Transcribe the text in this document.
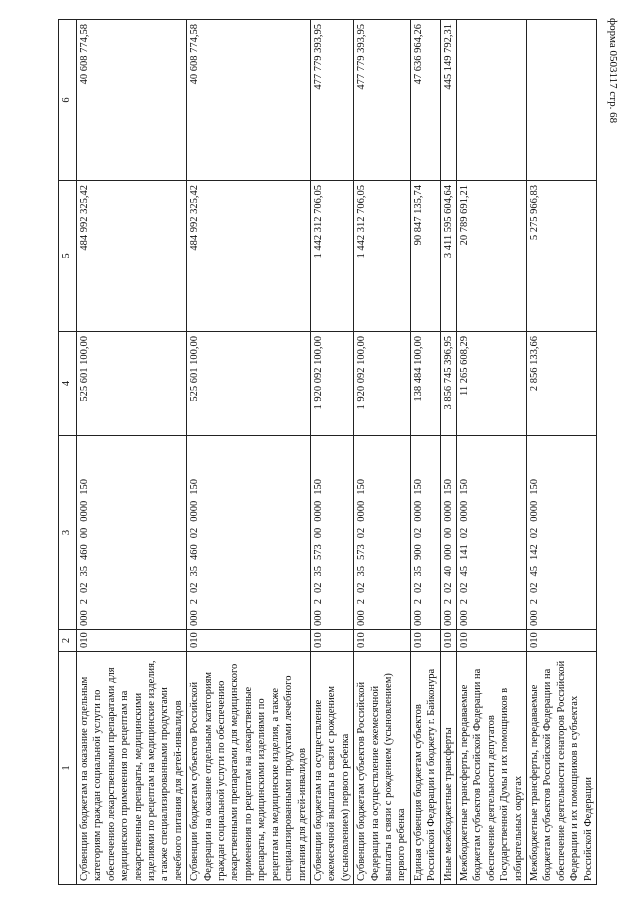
форма 0503117 стр. 68
1	2	3	4	5	6
Субвенции бюджетам на оказание отдельным категориям граждан социальной услуги по обеспечению лекарственными препаратами для медицинского применения по рецептам на лекарственные препараты, медицинскими изделиями по рецептам на медицинские изделия, а также специализированными продуктами лечебного питания для детей-инвалидов	010	00020235460000000150	525 601 100,00	484 992 325,42	40 608 774,58
Субвенции бюджетам субъектов Российской Федерации на оказание отдельным категориям граждан социальной услуги по обеспечению лекарственными препаратами для медицинского применения по рецептам на лекарственные препараты, медицинскими изделиями по рецептам на медицинские изделия, а также специализированными продуктами лечебного питания для детей-инвалидов	010	00020235460020000150	525 601 100,00	484 992 325,42	40 608 774,58
Субвенции бюджетам на осуществление ежемесячной выплаты в связи с рождением (усыновлением) первого ребенка	010	00020235573000000150	1 920 092 100,00	1 442 312 706,05	477 779 393,95
Субвенции бюджетам субъектов Российской Федерации на осуществление ежемесячной выплаты в связи с рождением (усыновлением) первого ребенка	010	00020235573020000150	1 920 092 100,00	1 442 312 706,05	477 779 393,95
Единая субвенция бюджетам субъектов Российской Федерации и бюджету г. Байконура	010	00020235900020000150	138 484 100,00	90 847 135,74	47 636 964,26
Иные межбюджетные трансферты	010	00020240000000000150	3 856 745 396,95	3 411 595 604,64	445 149 792,31
Межбюджетные трансферты, передаваемые бюджетам субъектов Российской Федерации на обеспечение деятельности депутатов Государственной Думы и их помощников в избирательных округах	010	00020245141020000150	11 265 608,29	20 789 691,21	
Межбюджетные трансферты, передаваемые бюджетам субъектов Российской Федерации на обеспечение деятельности сенаторов Российской Федерации и их помощников в субъектах Российской Федерации	010	00020245142020000150	2 856 133,66	5 275 966,83	
